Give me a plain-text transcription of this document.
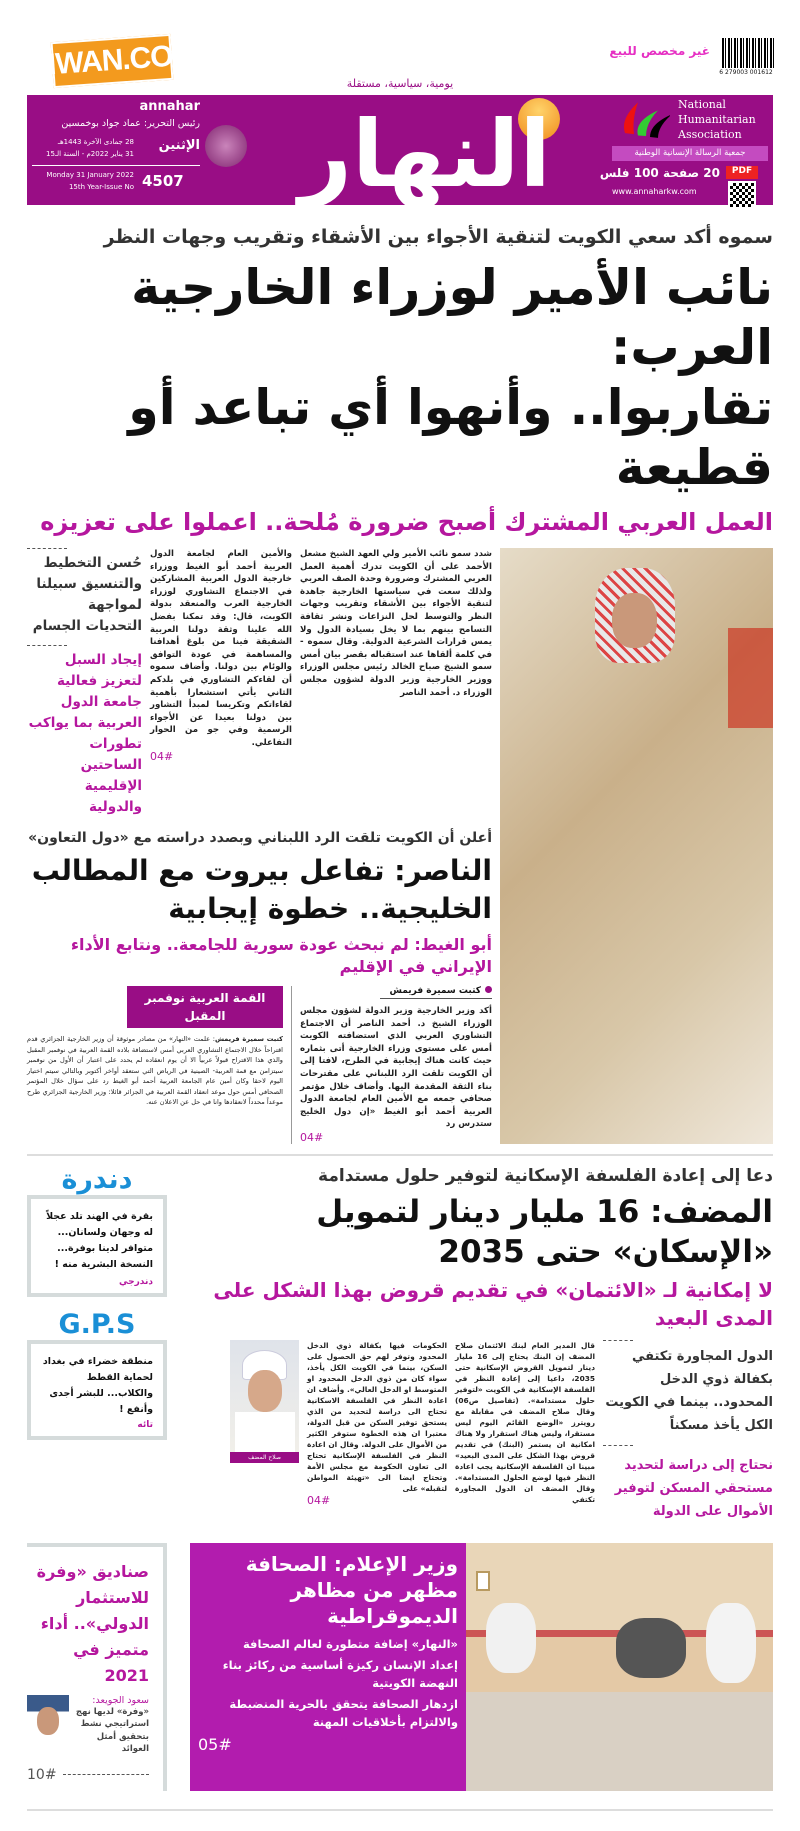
DIWAN.COM	6 279003 001612
غير مخصص للبيع
يومية، سياسية، مستقلة
النهار
annahar
رئيس التحرير: عماد جواد بوخمسين
الإثنين
28 جمادى الآخرة 1443هـ
31 يناير 2022م - السنة الـ15
Monday 31 January 2022
15th Year-Issue No 4507
Alresala
National
Humanitarian
Association
جمعية الرسالة الإنسانية الوطنية
20 صفحة 100 فلس
www.annaharkw.com
PDF
سموه أكد سعي الكويت لتنقية الأجواء بين الأشقاء وتقريب وجهات النظر
نائب الأمير لوزراء الخارجية العرب:
تقاربوا.. وأنهوا أي تباعد أو قطيعة
العمل العربي المشترك أصبح ضرورة مُلحة.. اعملوا على تعزيزه
شدد سمو نائب الأمير ولي العهد الشيخ مشعل الأحمد على أن الكويت تدرك أهمية العمل العربي المشترك وضرورة وحدة الصف العربي ولذلك سعت في سياستها الخارجية جاهدة لتنقية الأجواء بين الأشقاء وتقريب وجهات النظر والتوسط لحل النزاعات ونشر ثقافة التسامح بينهم بما لا يخل بسيادة الدول ولا يمس قرارات الشرعية الدولية. وقال سموه - في كلمة ألقاها عند استقباله بقصر بيان أمس سمو الشيخ صباح الخالد رئيس مجلس الوزراء ووزير الخارجية وزير الدولة لشؤون مجلس الوزراء د. أحمد الناصر
والأمين العام لجامعة الدول العربية أحمد أبو الغيط ووزراء خارجية الدول العربية المشاركين في الاجتماع التشاوري لوزراء الخارجية العرب والمنعقد بدولة الكويت، قال: وقد تمكنا بفضل الله علينا وثقة دولنا العربية الشقيقة فينا من بلوغ أهدافنا والمساهمة في عودة التوافق والوئام بين دولنا. وأضاف سموه أن لقاءكم التشاوري في بلدكم الثاني يأتي استشعارا بأهمية لقاءاتكم وتكريسا لمبدأ التشاور بين دولنا بعيدا عن الأجواء الرسمية وفي جو من الحوار التفاعلي.
04#
حُسن التخطيط والتنسيق سبيلنا لمواجهة التحديات الجسام
إيجاد السبل لتعزيز فعالية جامعة الدول العربية بما يواكب تطورات الساحتين الإقليمية والدولية
أعلن أن الكويت تلقت الرد اللبناني وبصدد دراسته مع «دول التعاون»
الناصر: تفاعل بيروت مع المطالب الخليجية.. خطوة إيجابية
أبو الغيط: لم نبحث عودة سورية للجامعة.. ونتابع الأداء الإيراني في الإقليم
كتبت سميرة فريمش
أكد وزير الخارجية وزير الدولة لشؤون مجلس الوزراء الشيخ د. أحمد الناصر أن الاجتماع التشاوري العربي الذي استضافته الكويت أمس على مستوى وزراء الخارجية أتى بثماره حيث كانت هناك إيجابية في الطرح، لافتا إلى أن الكويت تلقت الرد اللبناني على مقترحات بناء الثقة المقدمة اليها. وأضاف خلال مؤتمر صحافي جمعه مع الأمين العام لجامعة الدول العربية أحمد أبو الغيط «إن دول الخليج ستدرس رد
04#
القمة العربية نوفمبر المقبل
كتبت سميرة فريمش: علمت «النهار» من مصادر موثوقة أن وزير الخارجية الجزائري قدم اقتراحاً خلال الاجتماع التشاوري العربي أمس لاستضافة بلاده القمة العربية في نوفمبر المقبل والذي هذا الاقتراح قبولاً عربياً الا أن يوم انعقاده لم يحدد على اعتبار أن الأول من نوفمبر سيتزامن مع قمة العربية- الصينية في الرياض التي ستعقد أواخر أكتوبر وبالتالي سيتم اختيار اليوم لاحقا وكان أمين عام الجامعة العربية أحمد أبو الغيط رد على سؤال خلال المؤتمر الصحافي أمس حول موعد انعقاد القمة العربية في الجزائر قائلا: وزير الخارجية الجزائري طرح موعداً محدداً لانعقادها وانا في حل عن الاعلان عنه.
دعا إلى إعادة الفلسفة الإسكانية لتوفير حلول مستدامة
المضف: 16 مليار دينار لتمويل «الإسكان» حتى 2035
لا إمكانية لـ «الائتمان» في تقديم قروض بهذا الشكل على المدى البعيد
الدول المجاورة تكتفي بكفالة ذوي الدخل المحدود.. بينما في الكويت الكل يأخذ مسكناً
نحتاج إلى دراسة لتحديد مستحقي المسكن لتوفير الأموال على الدولة
قال المدير العام لبنك الائتمان صلاح المضف إن البنك يحتاج إلى 16 مليار دينار لتمويل القروض الإسكانية حتى 2035، داعيا إلى إعادة النظر في الفلسفة الإسكانية في الكويت «لتوفير حلول مستدامة». (تفاصيل ص06) وقال صلاح المضف في مقابلة مع رويترز «الوضع القائم اليوم ليس مستقرا، وليس هناك استقرار ولا هناك امكانية ان يستمر (البنك) في تقديم قروض بهذا الشكل على المدى البعيد» مبينا ان الفلسفة الإسكانية يجب اعادة النظر فيها لوضع الحلول المستدامة». وقال المضف ان الدول المجاورة تكتفي
الحكومات فيها بكفالة ذوي الدخل المحدود وتوفر لهم حق الحصول على السكن، بينما في الكويت الكل يأخذ، سواء كان من ذوي الدخل المحدود او المتوسط او الدخل العالي». وأضاف ان اعادة النظر في الفلسفة الاسكانية تحتاج الى دراسة لتحديد من الذي يستحق توفير السكن من قبل الدولة، معتبرا ان هذه الخطوة ستوفر الكثير من الأموال على الدولة. وقال ان اعادة النظر في الفلسفة الإسكانية تحتاج الى تعاون الحكومة مع مجلس الأمة وتحتاج ايضا الى «تهيئة المواطن لتقبله» على
04#
صلاح المضف
دندرة
بقرة في الهند تلد عجلاً له وجهان ولسانان... متوافر لدينا بوفرة... النسخة البشرية منه !
دندرجي
G.P.S
منطقة خضراء في بغداد لحماية القطط والكلاب... للبشر أجدى وأنفع !
تائه
وزير الإعلام: الصحافة مظهر من مظاهر الديموقراطية
«النهار» إضافة متطورة لعالم الصحافة
إعداد الإنسان ركيزة أساسية من ركائز بناء النهضة الكويتية
ازدهار الصحافة يتحقق بالحرية المنضبطة والالتزام بأخلاقيات المهنة
05#
صناديق «وفرة للاستثمار الدولي».. أداء متميز في 2021
سعود الجويعد:
«وفرة» لديها نهج استراتيجي نشط بتحقيق أمثل العوائد
10#
